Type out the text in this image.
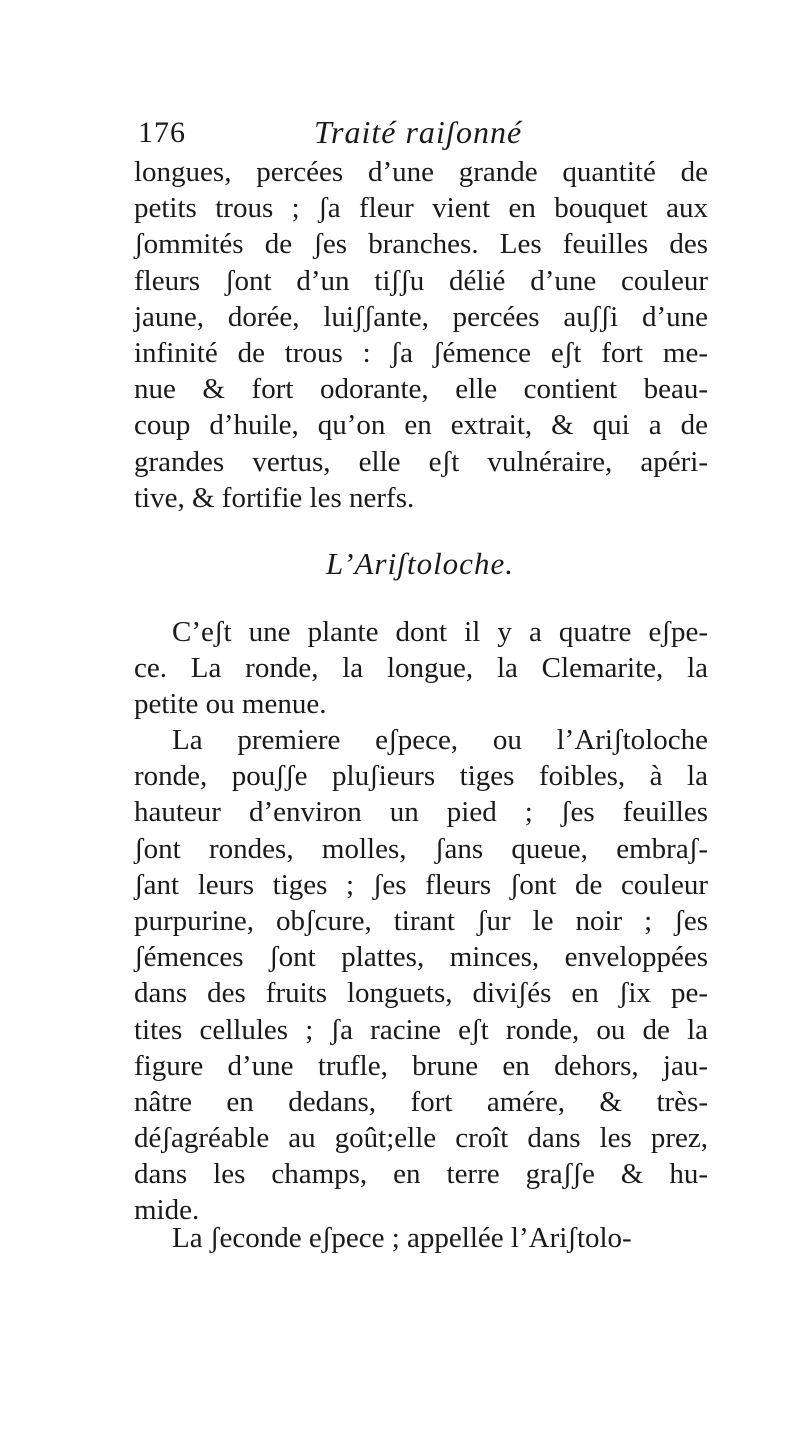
176	Traité raiʃonné
longues, percées d’une grande quantité de
petits trous ; ʃa fleur vient en bouquet aux
ʃommités de ʃes branches. Les feuilles des
fleurs ʃont d’un tiʃʃu délié d’une couleur
jaune, dorée, luiʃʃante, percées auʃʃi d’une
infinité de trous : ʃa ʃémence eʃt fort me-
nue & fort odorante, elle contient beau-
coup d’huile, qu’on en extrait, & qui a de
grandes vertus, elle eʃt vulnéraire, apéri-
tive, & fortifie les nerfs.
L’Ariʃtoloche.
C’eʃt une plante dont il y a quatre eʃpe-
ce. La ronde, la longue, la Clemarite, la
petite ou menue.
La premiere eʃpece, ou l’Ariʃtoloche
ronde, pouʃʃe pluʃieurs tiges foibles, à la
hauteur d’environ un pied ; ʃes feuilles
ʃont rondes, molles, ʃans queue, embraʃ-
ʃant leurs tiges ; ʃes fleurs ʃont de couleur
purpurine, obʃcure, tirant ʃur le noir ; ʃes
ʃémences ʃont plattes, minces, enveloppées
dans des fruits longuets, diviʃés en ʃix pe-
tites cellules ; ʃa racine eʃt ronde, ou de la
figure d’une trufle, brune en dehors, jau-
nâtre en dedans, fort amére, & très-
déʃagréable au goût;elle croît dans les prez,
dans les champs, en terre graʃʃe & hu-
mide.
La ʃeconde eʃpece ; appellée l’Ariʃtolo-
